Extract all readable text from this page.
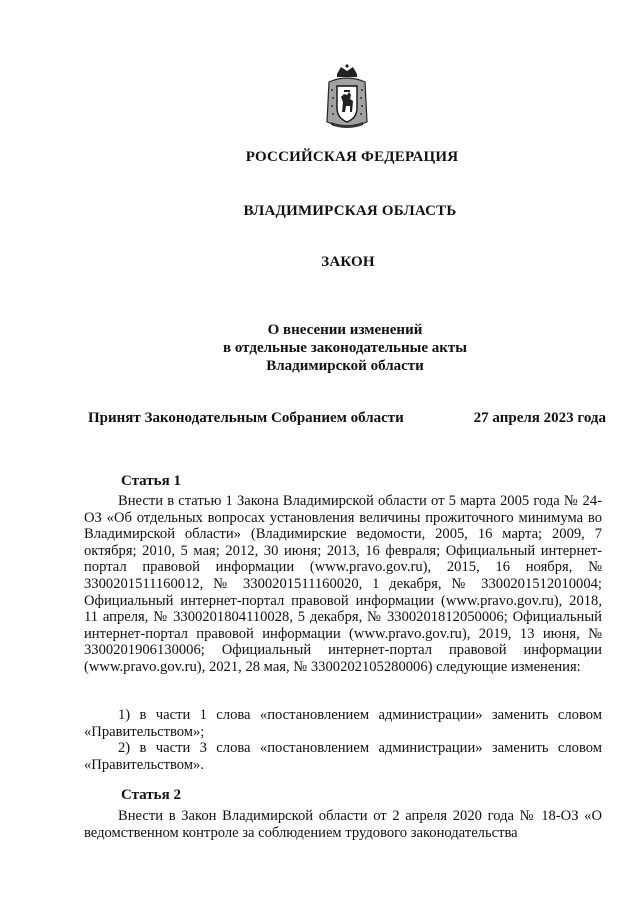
РОССИЙСКАЯ ФЕДЕРАЦИЯ
ВЛАДИМИРСКАЯ ОБЛАСТЬ
ЗАКОН
О внесении изменений
в отдельные законодательные акты
Владимирской области
Принят Законодательным Собранием области	27 апреля 2023 года
Статья 1
Внести в статью 1 Закона Владимирской области от 5 марта 2005 года № 24-ОЗ «Об отдельных вопросах установления величины прожиточного минимума во Владимирской области» (Владимирские ведомости, 2005, 16 марта; 2009, 7 октября; 2010, 5 мая; 2012, 30 июня; 2013, 16 февраля; Официальный интернет-портал правовой информации (www.pravo.gov.ru), 2015, 16 ноября, № 3300201511160012, № 3300201511160020, 1 декабря, № 3300201512010004; Официальный интернет-портал правовой информации (www.pravo.gov.ru), 2018, 11 апреля, № 3300201804110028, 5 декабря, № 3300201812050006; Официальный интернет-портал правовой информации (www.pravo.gov.ru), 2019, 13 июня, № 3300201906130006; Официальный интернет-портал правовой информации (www.pravo.gov.ru), 2021, 28 мая, № 3300202105280006) следующие изменения:
1) в части 1 слова «постановлением администрации» заменить словом «Правительством»;
2) в части 3 слова «постановлением администрации» заменить словом «Правительством».
Статья 2
Внести в Закон Владимирской области от 2 апреля 2020 года № 18-ОЗ «О ведомственном контроле за соблюдением трудового законодательства
